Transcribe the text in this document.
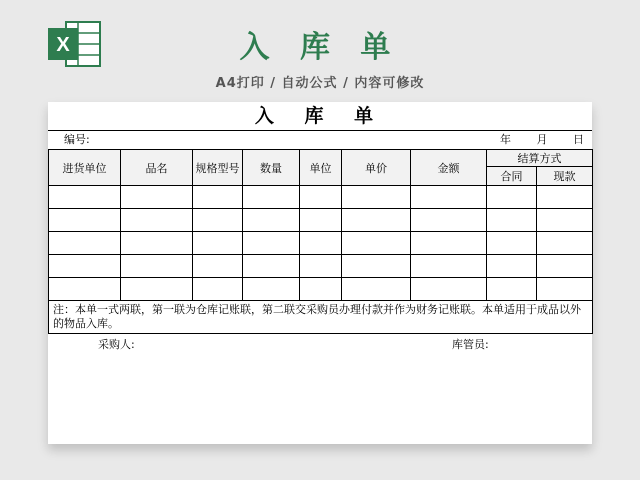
X	入 库 单
A4打印 / 自动公式 / 内容可修改
入 库 单
编号:	年 月 日
进货单位	品名	规格型号	数量	单位	单价	金额	结算方式	
							合同	现款

注：本单一式两联，第一联为仓库记账联，第二联交采购员办理付款并作为财务记账联。本单适用于成品以外的物品入库。								
采购人:	库管员:
